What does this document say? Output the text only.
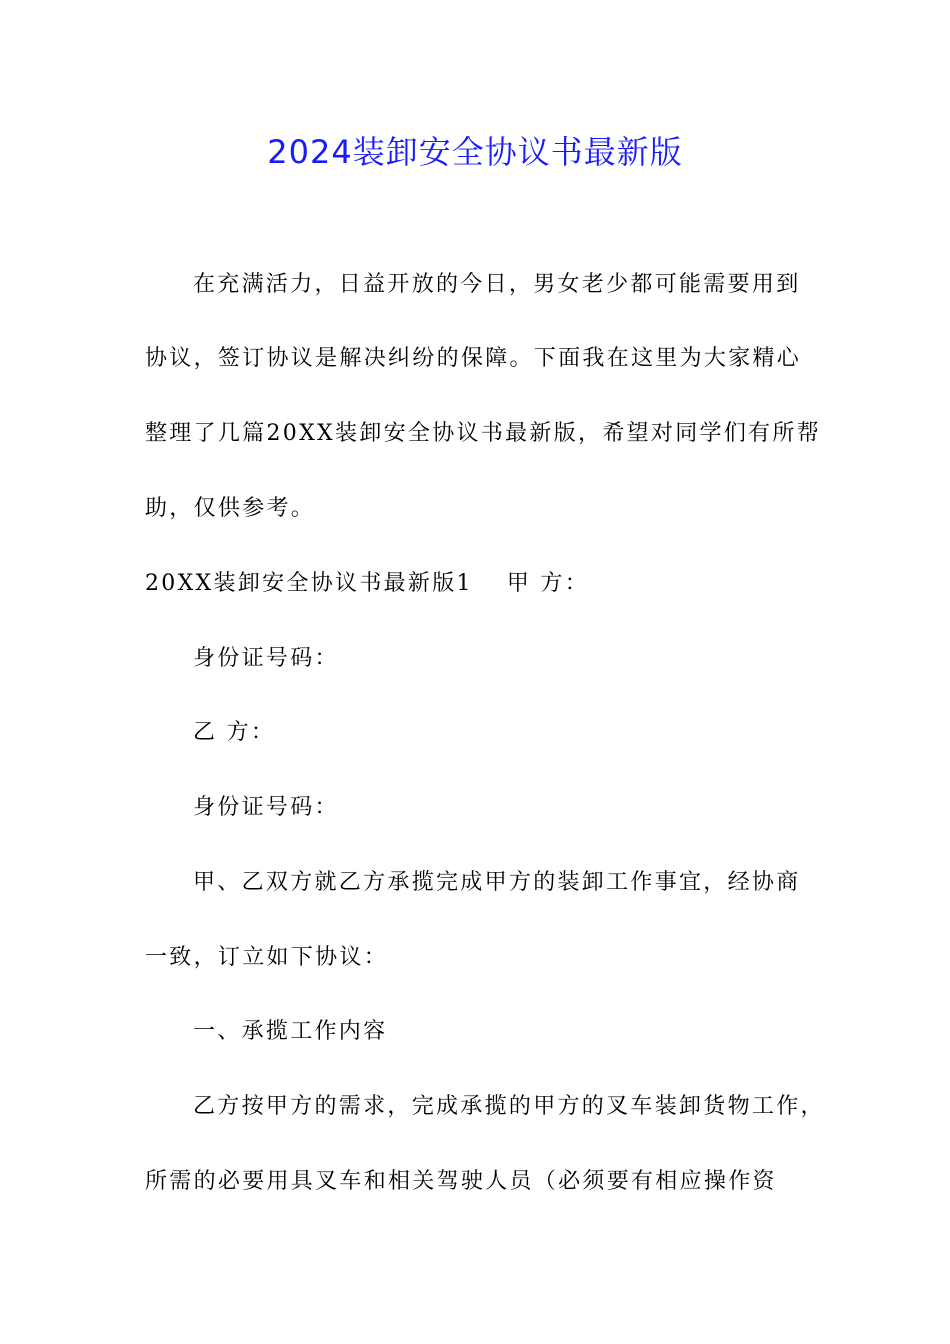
2024装卸安全协议书最新版
在充满活力，日益开放的今日，男女老少都可能需要用到
协议，签订协议是解决纠纷的保障。下面我在这里为大家精心
整理了几篇20XX装卸安全协议书最新版，希望对同学们有所帮
助，仅供参考。
20XX装卸安全协议书最新版1 甲 方：
身份证号码：
乙 方：
身份证号码：
甲、乙双方就乙方承揽完成甲方的装卸工作事宜，经协商
一致，订立如下协议：
一、承揽工作内容
乙方按甲方的需求，完成承揽的甲方的叉车装卸货物工作，
所需的必要用具叉车和相关驾驶人员（必须要有相应操作资
